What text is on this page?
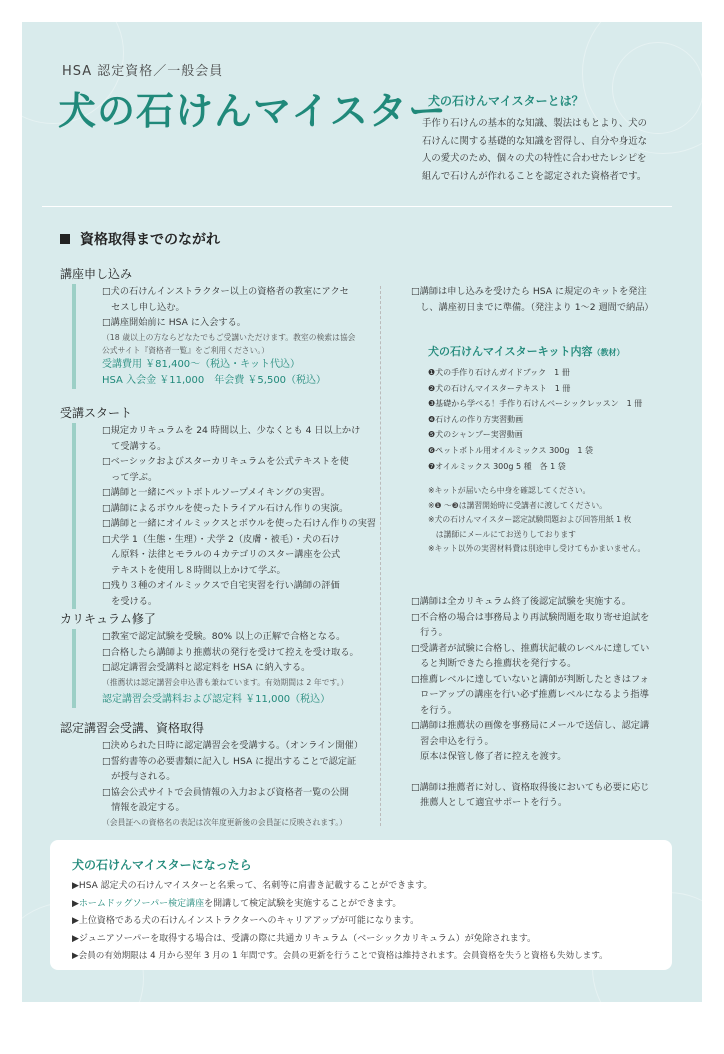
HSA 認定資格／一般会員
犬の石けんマイスター
犬の石けんマイスターとは？

手作り石けんの基本的な知識、製法はもとより、犬の
石けんに関する基礎的な知識を習得し、自分や身近な
人の愛犬のため、個々の犬の特性に合わせたレシピを
組んで石けんが作れることを認定された資格者です。

資格取得までのながれ
講座申し込み
□犬の石けんインストラクター以上の資格者の教室にアクセ
　セスし申し込む。
□講座開始前に HSA に入会する。
（18 歳以上の方ならどなたでもご受講いただけます。教室の検索は協会
公式サイト『資格者一覧』をご利用ください。）
受講費用 ￥81,400〜（税込・キット代込）
HSA 入会金 ￥11,000　年会費 ￥5,500（税込）
受講スタート
□規定カリキュラムを 24 時間以上、少なくとも 4 日以上かけ
　て受講する。
□ベーシックおよびスターカリキュラムを公式テキストを使
　って学ぶ。
□講師と一緒にペットボトルソープメイキングの実習。
□講師によるボウルを使ったトライアル石けん作りの実演。
□講師と一緒にオイルミックスとボウルを使った石けん作りの実習
□犬学 1（生態・生理）・犬学 2（皮膚・被毛）・犬の石け
　ん原料・法律とモラルの４カテゴリのスター講座を公式
　テキストを使用し８時間以上かけて学ぶ。
□残り３種のオイルミックスで自宅実習を行い講師の評価
　を受ける。
カリキュラム修了
□教室で認定試験を受験。80% 以上の正解で合格となる。
□合格したら講師より推薦状の発行を受けて控えを受け取る。
□認定講習会受講料と認定料を HSA に納入する。
（推薦状は認定講習会申込書も兼ねています。有効期間は 2 年です。）
認定講習会受講料および認定料 ￥11,000（税込）
認定講習会受講、資格取得
□決められた日時に認定講習会を受講する。（オンライン開催）
□誓約書等の必要書類に記入し HSA に提出することで認定証
　が授与される。
□協会公式サイトで会員情報の入力および資格者一覧の公開
　情報を設定する。
（会員証への資格名の表記は次年度更新後の会員証に反映されます。）
□講師は申し込みを受けたら HSA に規定のキットを発注
　し、講座初日までに準備。（発注より 1～2 週間で納品）
犬の石けんマイスターキット内容（教材）
❶犬の手作り石けんガイドブック　1 冊
❷犬の石けんマイスターテキスト　1 冊
❸基礎から学べる！手作り石けんベーシックレッスン　1 冊
❹石けんの作り方実習動画
❺犬のシャンプー実習動画
❻ペットボトル用オイルミックス 300g　1 袋
❼オイルミックス 300g 5 種　各 1 袋
※キットが届いたら中身を確認してください。
※❶ ～❸は講習開始時に受講者に渡してください。
※犬の石けんマイスター認定試験問題および回答用紙 1 枚
　は講師にメールにてお送りしております
※キット以外の実習材料費は別途申し受けてもかまいません。
□講師は全カリキュラム終了後認定試験を実施する。
□不合格の場合は事務局より再試験問題を取り寄せ追試を
　行う。
□受講者が試験に合格し、推薦状記載のレベルに達してい
　ると判断できたら推薦状を発行する。
□推薦レベルに達していないと講師が判断したときはフォ
　ローアップの講座を行い必ず推薦レベルになるよう指導
　を行う。
□講師は推薦状の画像を事務局にメールで送信し、認定講
　習会申込を行う。
　原本は保管し修了者に控えを渡す。
□講師は推薦者に対し、資格取得後においても必要に応じ
　推薦人として適宜サポートを行う。
犬の石けんマイスターになったら
▶HSA 認定犬の石けんマイスターと名乗って、名刺等に肩書き記載することができます。
▶ホームドッグソーパー検定講座を開講して検定試験を実施することができます。
▶上位資格である犬の石けんインストラクターへのキャリアアップが可能になります。
▶ジュニアソーパーを取得する場合は、受講の際に共通カリキュラム（ベーシックカリキュラム）が免除されます。
▶会員の有効期限は 4 月から翌年 3 月の 1 年間です。会員の更新を行うことで資格は維持されます。会員資格を失うと資格も失効します。
